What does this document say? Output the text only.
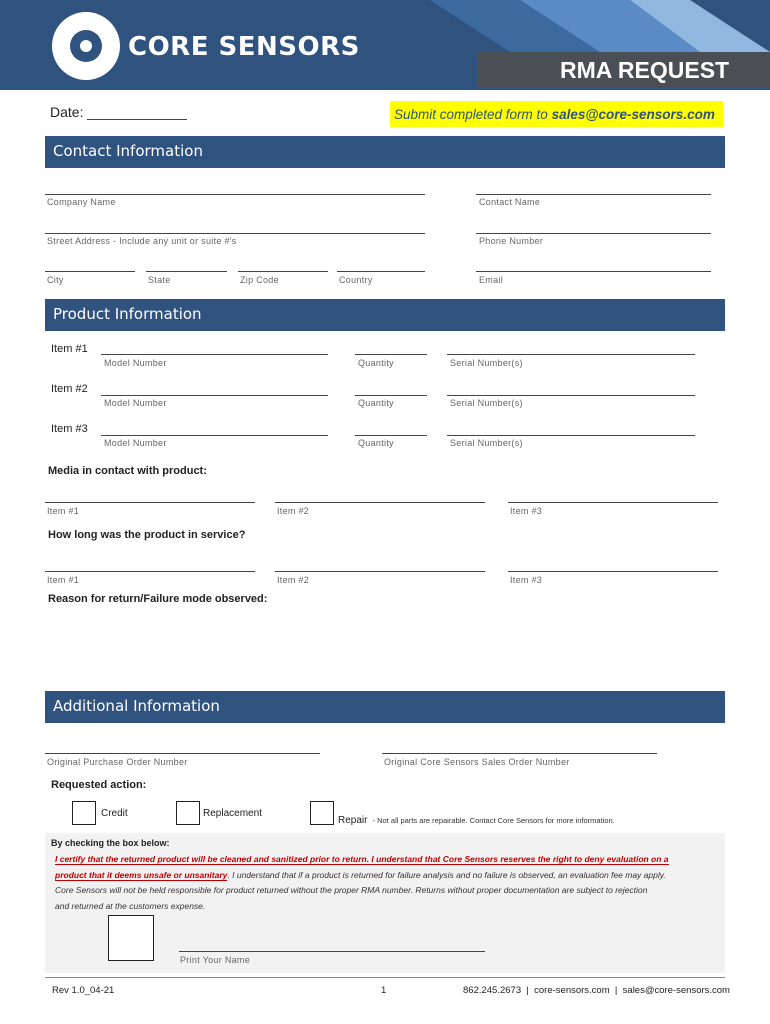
CORE SENSORS
RMA REQUEST
Date:	Submit completed form to sales@core-sensors.com
Contact Information
Company Name	Contact Name
Street Address - Include any unit or suite #'s	Phone Number
City	State	Zip Code	Country	Email
Product Information
Item #1
Model Number	Quantity	Serial Number(s)
Item #2
Model Number	Quantity	Serial Number(s)
Item #3
Model Number	Quantity	Serial Number(s)
Media in contact with product:
Item #1	Item #2	Item #3
How long was the product in service?
Item #1	Item #2	Item #3
Reason for return/Failure mode observed:
Additional Information
Original Purchase Order Number	Original Core Sensors Sales Order Number
Requested action:
Credit	Replacement
Repair - Not all parts are repairable. Contact Core Sensors for more information.
By checking the box below:
I certify that the returned product will be cleaned and sanitized prior to return. I understand that Core Sensors reserves the right to deny evaluation on a
product that it deems unsafe or unsanitary. I understand that if a product is returned for failure analysis and no failure is observed, an evaluation fee may apply.
Core Sensors will not be held responsible for product returned without the proper RMA number. Returns without proper documentation are subject to rejection
and returned at the customers expense.
Print Your Name
Rev 1.0_04-21	1	862.245.2673  |  core-sensors.com  |  sales@core-sensors.com
